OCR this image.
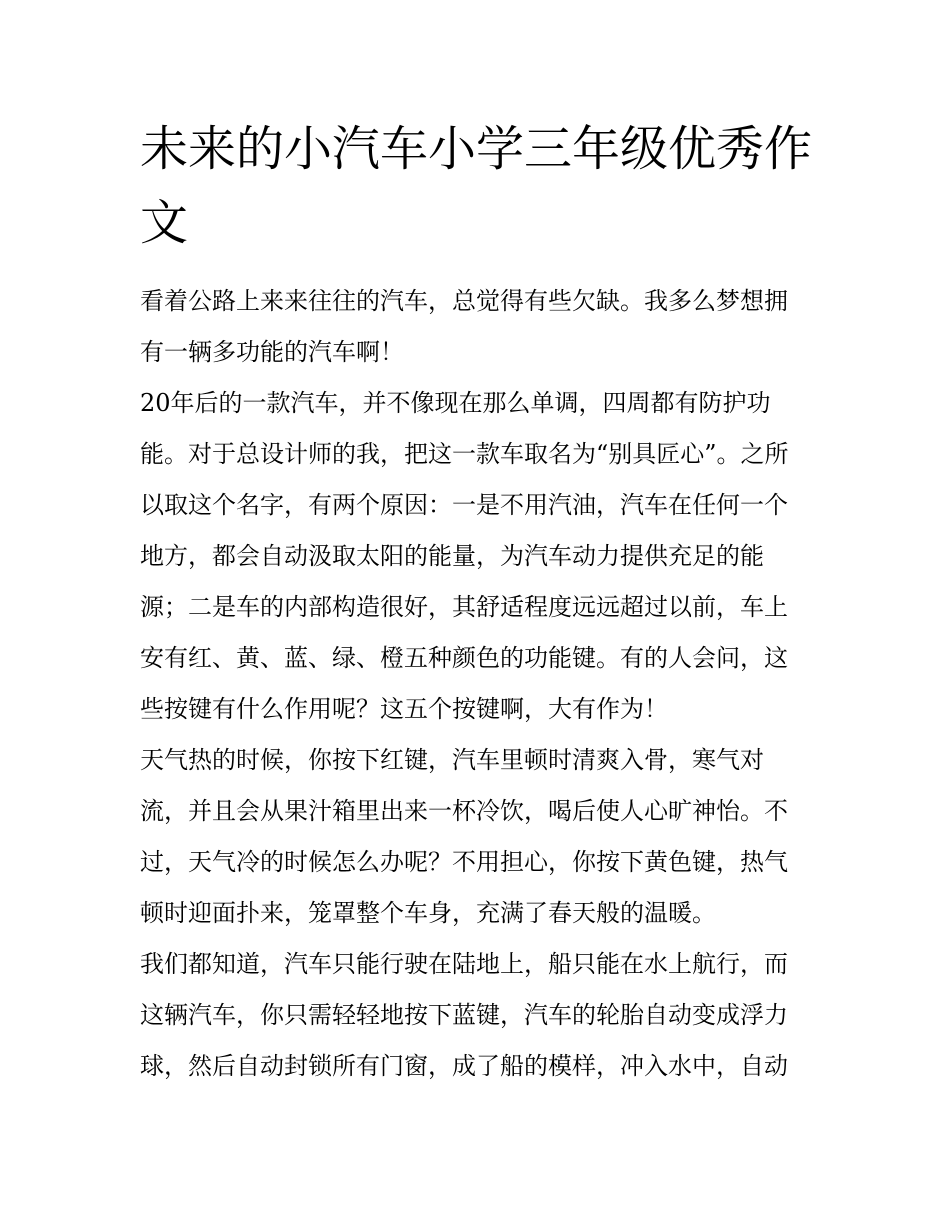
未来的小汽车小学三年级优秀作文

看着公路上来来往往的汽车，总觉得有些欠缺。我多么梦想拥
有一辆多功能的汽车啊！

20年后的一款汽车，并不像现在那么单调，四周都有防护功
能。对于总设计师的我，把这一款车取名为“别具匠心”。之所
以取这个名字，有两个原因：一是不用汽油，汽车在任何一个
地方，都会自动汲取太阳的能量，为汽车动力提供充足的能
源；二是车的内部构造很好，其舒适程度远远超过以前，车上
安有红、黄、蓝、绿、橙五种颜色的功能键。有的人会问，这
些按键有什么作用呢？这五个按键啊，大有作为！

天气热的时候，你按下红键，汽车里顿时清爽入骨，寒气对
流，并且会从果汁箱里出来一杯冷饮，喝后使人心旷神怡。不
过，天气冷的时候怎么办呢？不用担心，你按下黄色键，热气
顿时迎面扑来，笼罩整个车身，充满了春天般的温暖。

我们都知道，汽车只能行驶在陆地上，船只能在水上航行，而
这辆汽车，你只需轻轻地按下蓝键，汽车的轮胎自动变成浮力
球，然后自动封锁所有门窗，成了船的模样，冲入水中，自动
